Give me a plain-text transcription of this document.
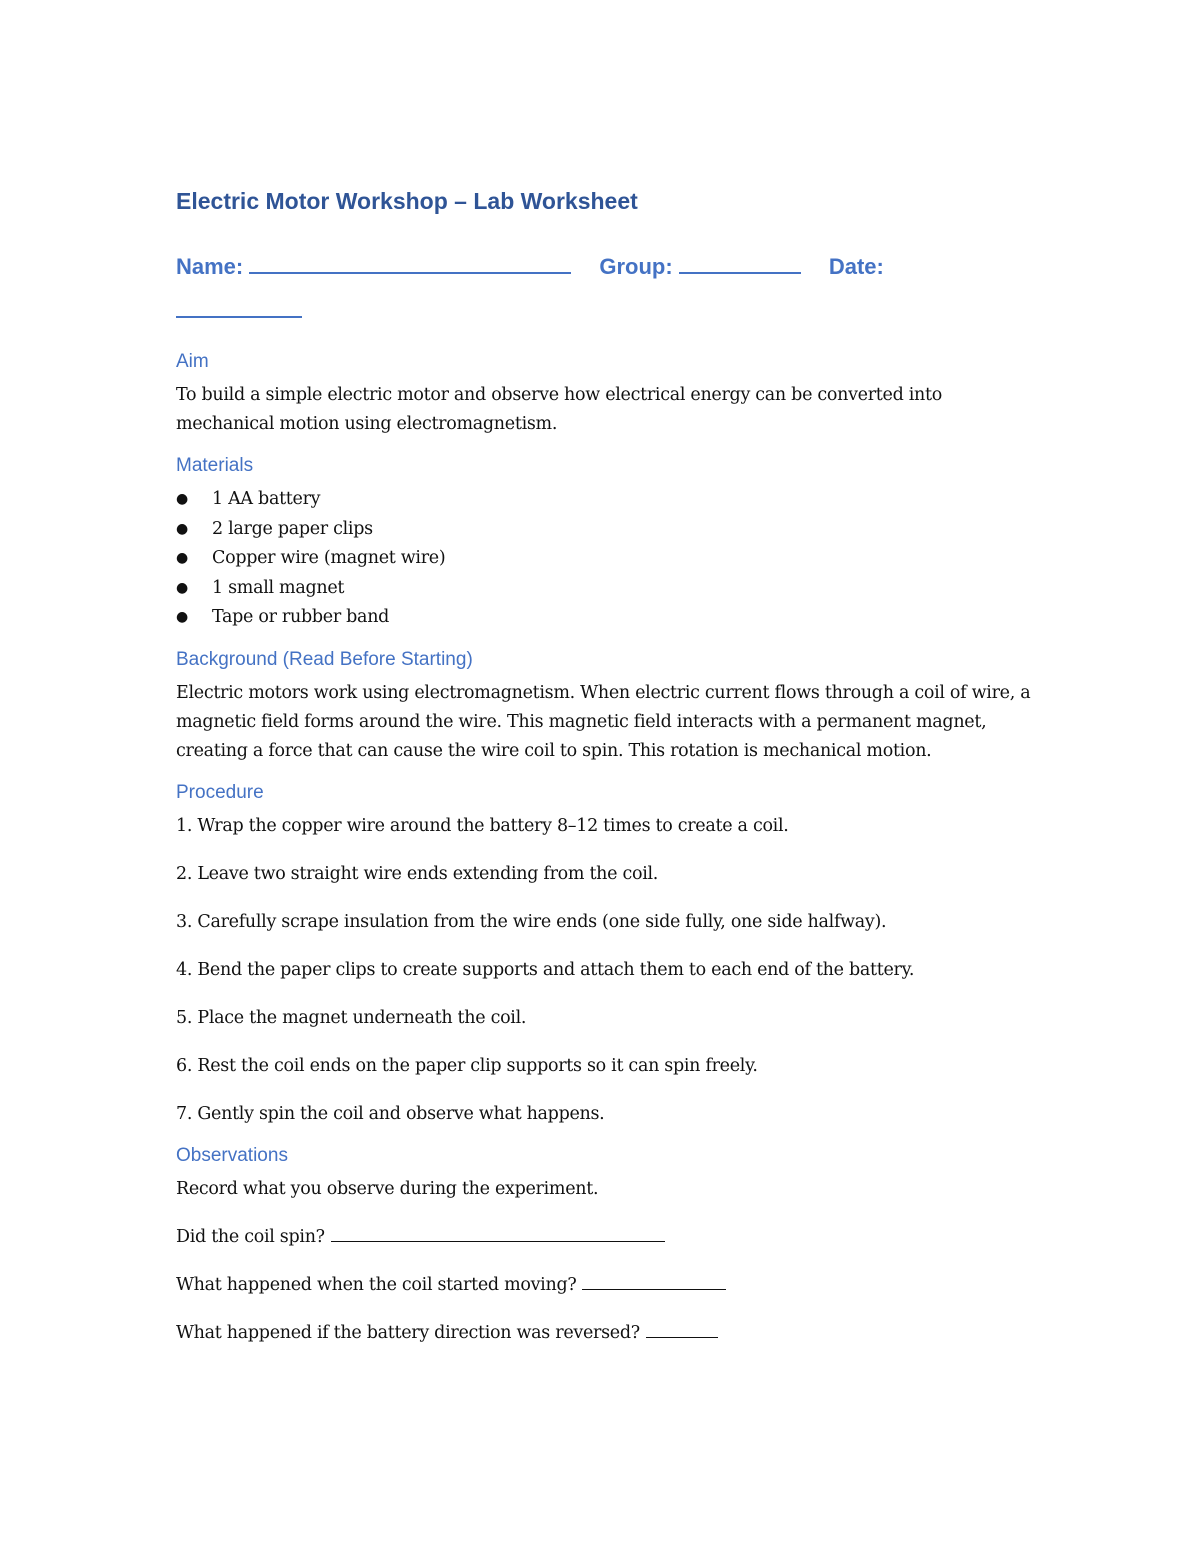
Electric Motor Workshop – Lab Worksheet
Name:	Group:	Date:

Aim

To build a simple electric motor and observe how electrical energy can be converted into mechanical motion using electromagnetism.

Materials
● 1 AA battery
● 2 large paper clips
● Copper wire (magnet wire)
● 1 small magnet
● Tape or rubber band
Background (Read Before Starting)

Electric motors work using electromagnetism. When electric current flows through a coil of wire, a magnetic field forms around the wire. This magnetic field interacts with a permanent magnet, creating a force that can cause the wire coil to spin. This rotation is mechanical motion.

Procedure

1. Wrap the copper wire around the battery 8–12 times to create a coil.

2. Leave two straight wire ends extending from the coil.

3. Carefully scrape insulation from the wire ends (one side fully, one side halfway).

4. Bend the paper clips to create supports and attach them to each end of the battery.

5. Place the magnet underneath the coil.

6. Rest the coil ends on the paper clip supports so it can spin freely.

7. Gently spin the coil and observe what happens.

Observations

Record what you observe during the experiment.

Did the coil spin?

What happened when the coil started moving?

What happened if the battery direction was reversed?
